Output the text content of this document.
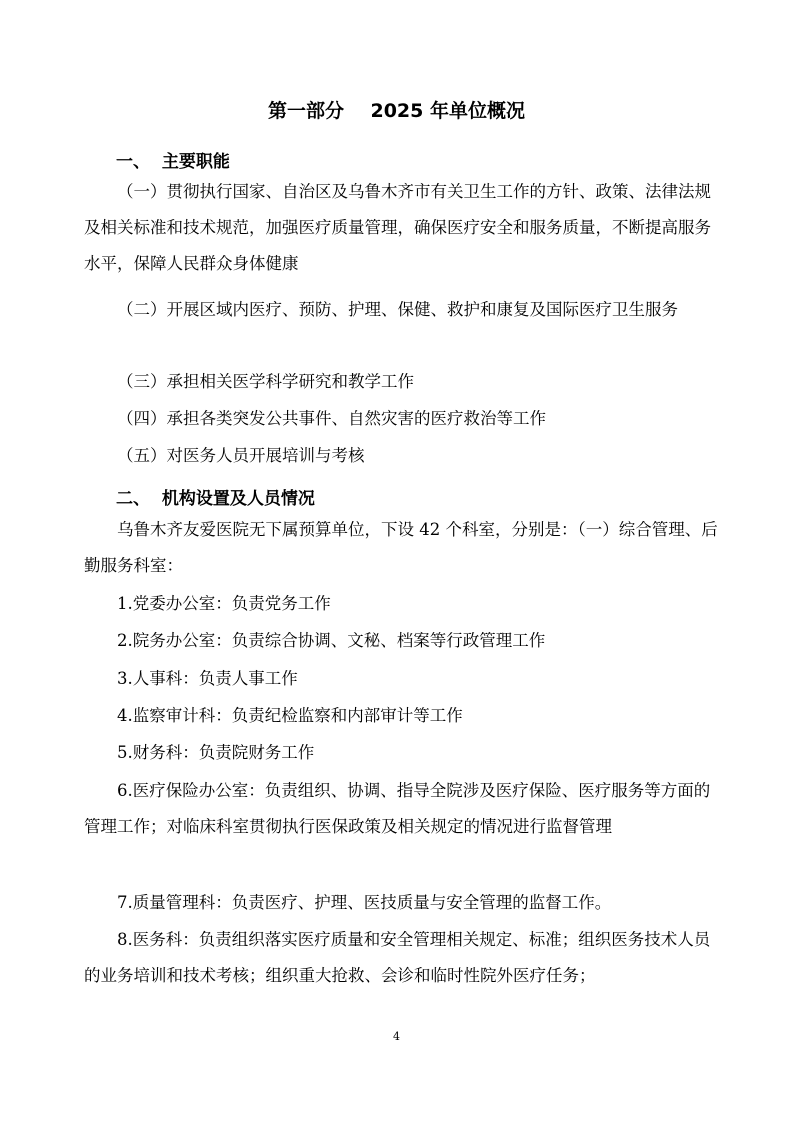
第一部分    2025 年单位概况
一、  主要职能
（一）贯彻执行国家、自治区及乌鲁木齐市有关卫生工作的方针、政策、法律法规及相关标准和技术规范，加强医疗质量管理，确保医疗安全和服务质量，不断提高服务水平，保障人民群众身体健康
（二）开展区域内医疗、预防、护理、保健、救护和康复及国际医疗卫生服务
（三）承担相关医学科学研究和教学工作
（四）承担各类突发公共事件、自然灾害的医疗救治等工作
（五）对医务人员开展培训与考核
二、  机构设置及人员情况
乌鲁木齐友爱医院无下属预算单位，下设 42 个科室，分别是：（一）综合管理、后勤服务科室：
1.党委办公室：负责党务工作
2.院务办公室：负责综合协调、文秘、档案等行政管理工作
3.人事科：负责人事工作
4.监察审计科：负责纪检监察和内部审计等工作
5.财务科：负责院财务工作
6.医疗保险办公室：负责组织、协调、指导全院涉及医疗保险、医疗服务等方面的管理工作；对临床科室贯彻执行医保政策及相关规定的情况进行监督管理
7.质量管理科：负责医疗、护理、医技质量与安全管理的监督工作。
8.医务科：负责组织落实医疗质量和安全管理相关规定、标准；组织医务技术人员的业务培训和技术考核；组织重大抢救、会诊和临时性院外医疗任务；
4
